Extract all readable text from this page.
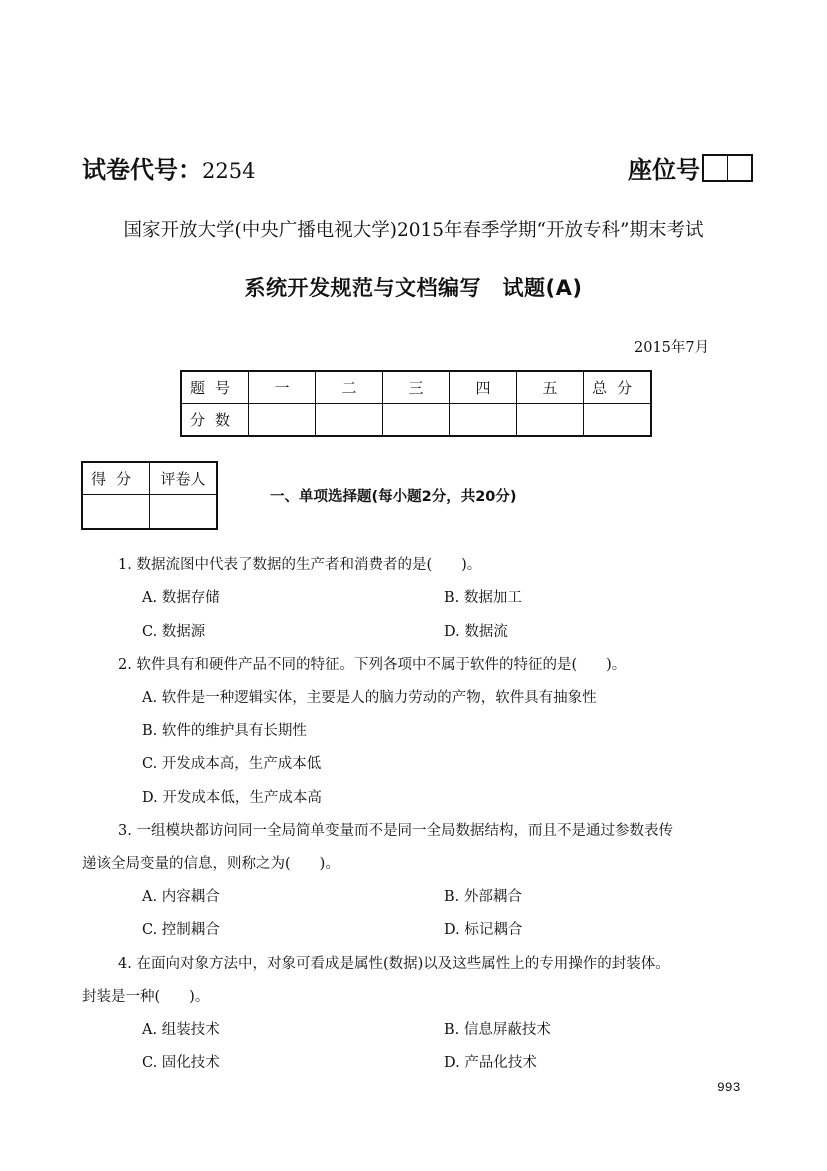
试卷代号：2254	座位号
国家开放大学(中央广播电视大学)2015年春季学期“开放专科”期末考试
系统开发规范与文档编写　试题(A)
2015年7月
题号	一	二	三	四	五	总分
分数						
得分	评卷人

一、单项选择题(每小题2分，共20分)
1. 数据流图中代表了数据的生产者和消费者的是(　　)。
A. 数据存储	B. 数据加工
C. 数据源	D. 数据流
2. 软件具有和硬件产品不同的特征。下列各项中不属于软件的特征的是(　　)。
A. 软件是一种逻辑实体，主要是人的脑力劳动的产物，软件具有抽象性
B. 软件的维护具有长期性
C. 开发成本高，生产成本低
D. 开发成本低，生产成本高
3. 一组模块都访问同一全局简单变量而不是同一全局数据结构，而且不是通过参数表传
递该全局变量的信息，则称之为(　　)。
A. 内容耦合	B. 外部耦合
C. 控制耦合	D. 标记耦合
4. 在面向对象方法中，对象可看成是属性(数据)以及这些属性上的专用操作的封装体。
封装是一种(　　)。
A. 组装技术	B. 信息屏蔽技术
C. 固化技术	D. 产品化技术
993
